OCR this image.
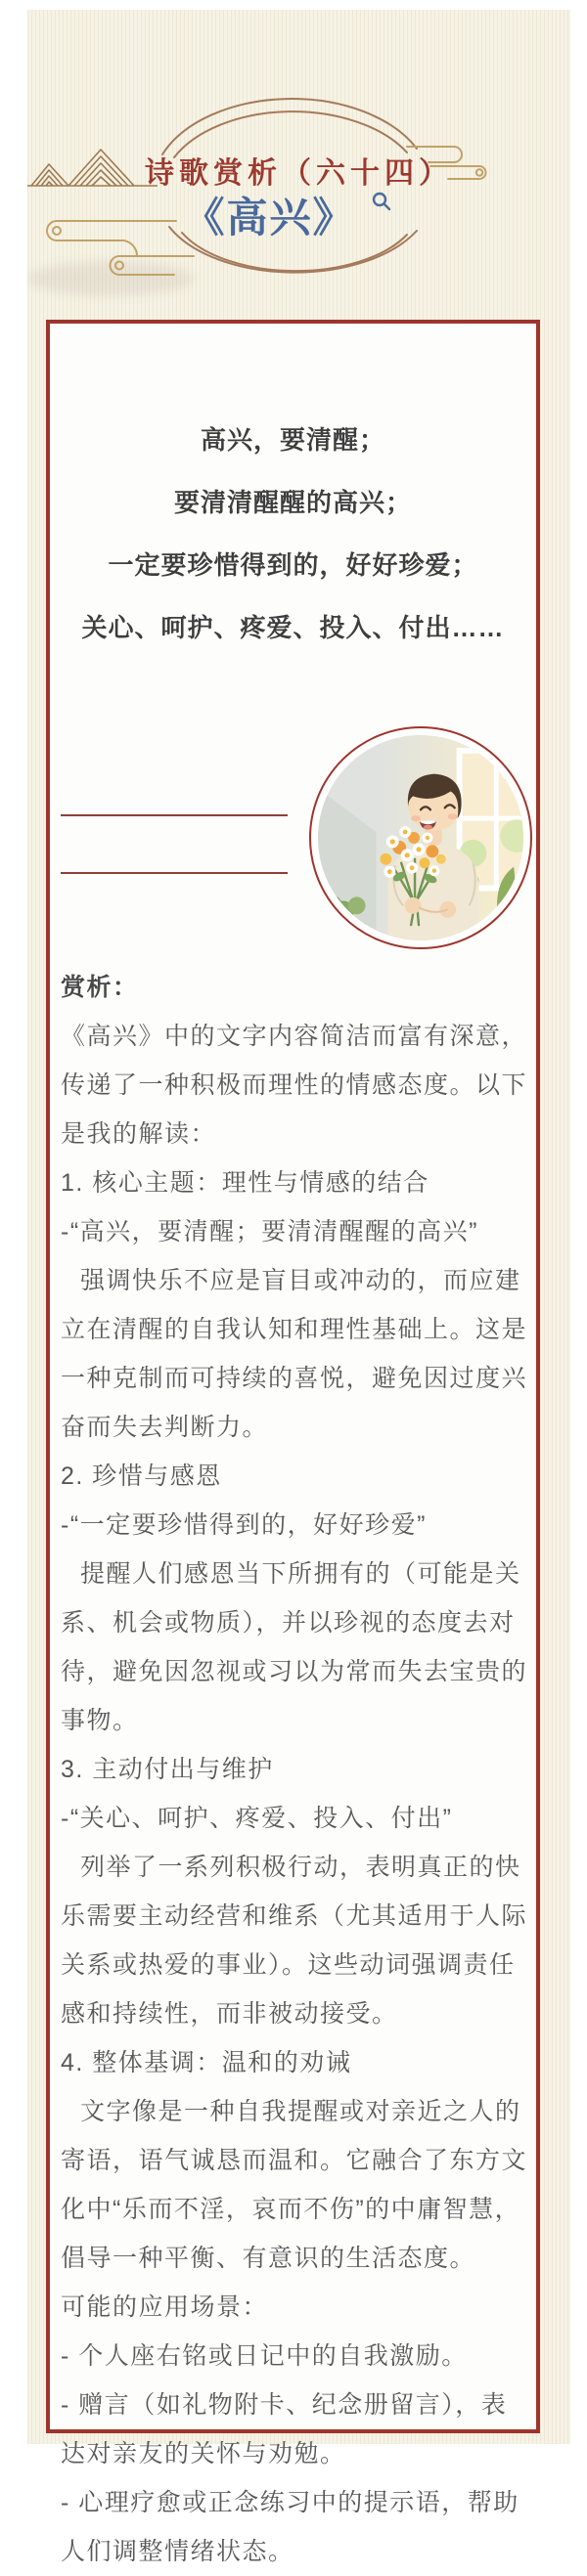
诗歌赏析（六十四）
《高兴》
高兴，要清醒；
要清清醒醒的高兴；
一定要珍惜得到的，好好珍爱；
关心、呵护、疼爱、投入、付出……

赏析：

《高兴》中的文字内容简洁而富有深意，传递了一种积极而理性的情感态度。以下是我的解读：

1. 核心主题：理性与情感的结合

-“高兴，要清醒；要清清醒醒的高兴”

强调快乐不应是盲目或冲动的，而应建立在清醒的自我认知和理性基础上。这是一种克制而可持续的喜悦，避免因过度兴奋而失去判断力。

2. 珍惜与感恩

-“一定要珍惜得到的，好好珍爱”

提醒人们感恩当下所拥有的（可能是关系、机会或物质），并以珍视的态度去对待，避免因忽视或习以为常而失去宝贵的事物。

3. 主动付出与维护

-“关心、呵护、疼爱、投入、付出”

列举了一系列积极行动，表明真正的快乐需要主动经营和维系（尤其适用于人际关系或热爱的事业）。这些动词强调责任感和持续性，而非被动接受。

4. 整体基调：温和的劝诫

文字像是一种自我提醒或对亲近之人的寄语，语气诚恳而温和。它融合了东方文化中“乐而不淫，哀而不伤”的中庸智慧，倡导一种平衡、有意识的生活态度。

可能的应用场景：

- 个人座右铭或日记中的自我激励。

- 赠言（如礼物附卡、纪念册留言），表达对亲友的关怀与劝勉。

- 心理疗愈或正念练习中的提示语，帮助人们调整情绪状态。
